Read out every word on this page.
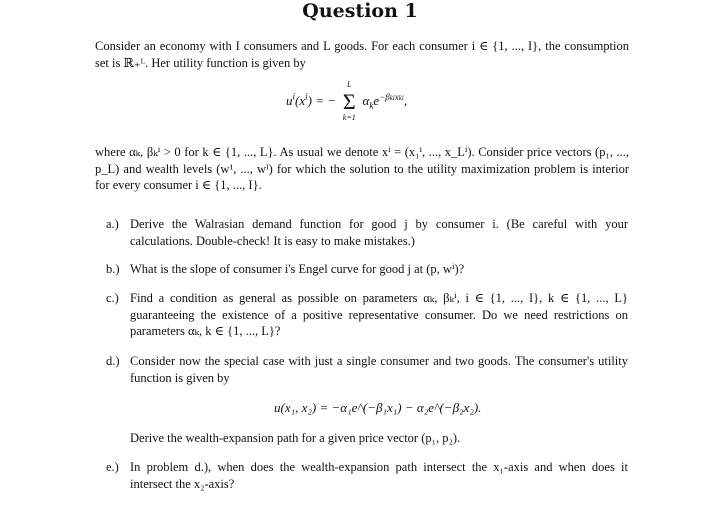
Question 1
Consider an economy with I consumers and L goods. For each consumer i ∈ {1, ..., I}, the consumption set is ℝ₊ᴸ. Her utility function is given by
$u^i(x^i)$ = −
L
Σ
k=1
$\alpha_ke^{-\beta kixki}$,
where αₖ, βₖⁱ > 0 for k ∈ {1, ..., L}. As usual we denote xⁱ = (x₁ⁱ, ..., x_Lⁱ). Consider price vectors (p₁, ..., p_L) and wealth levels (w¹, ..., wᴵ) for which the solution to the utility maximization problem is interior for every consumer i ∈ {1, ..., I}.
a.) Derive the Walrasian demand function for good j by consumer i. (Be careful with your calculations. Double-check! It is easy to make mistakes.)
b.) What is the slope of consumer i's Engel curve for good j at (p, wⁱ)?
c.) Find a condition as general as possible on parameters αₖ, βₖⁱ, i ∈ {1, ..., I}, k ∈ {1, ..., L} guaranteeing the existence of a positive representative consumer. Do we need restrictions on parameters αₖ, k ∈ {1, ..., L}?
d.) Consider now the special case with just a single consumer and two goods. The consumer's utility function is given by
u(x₁, x₂) = −α₁e^(−β₁x₁) − α₂e^(−β₂x₂).
Derive the wealth-expansion path for a given price vector (p₁, p₂).
e.) In problem d.), when does the wealth-expansion path intersect the x₁-axis and when does it intersect the x₂-axis?
